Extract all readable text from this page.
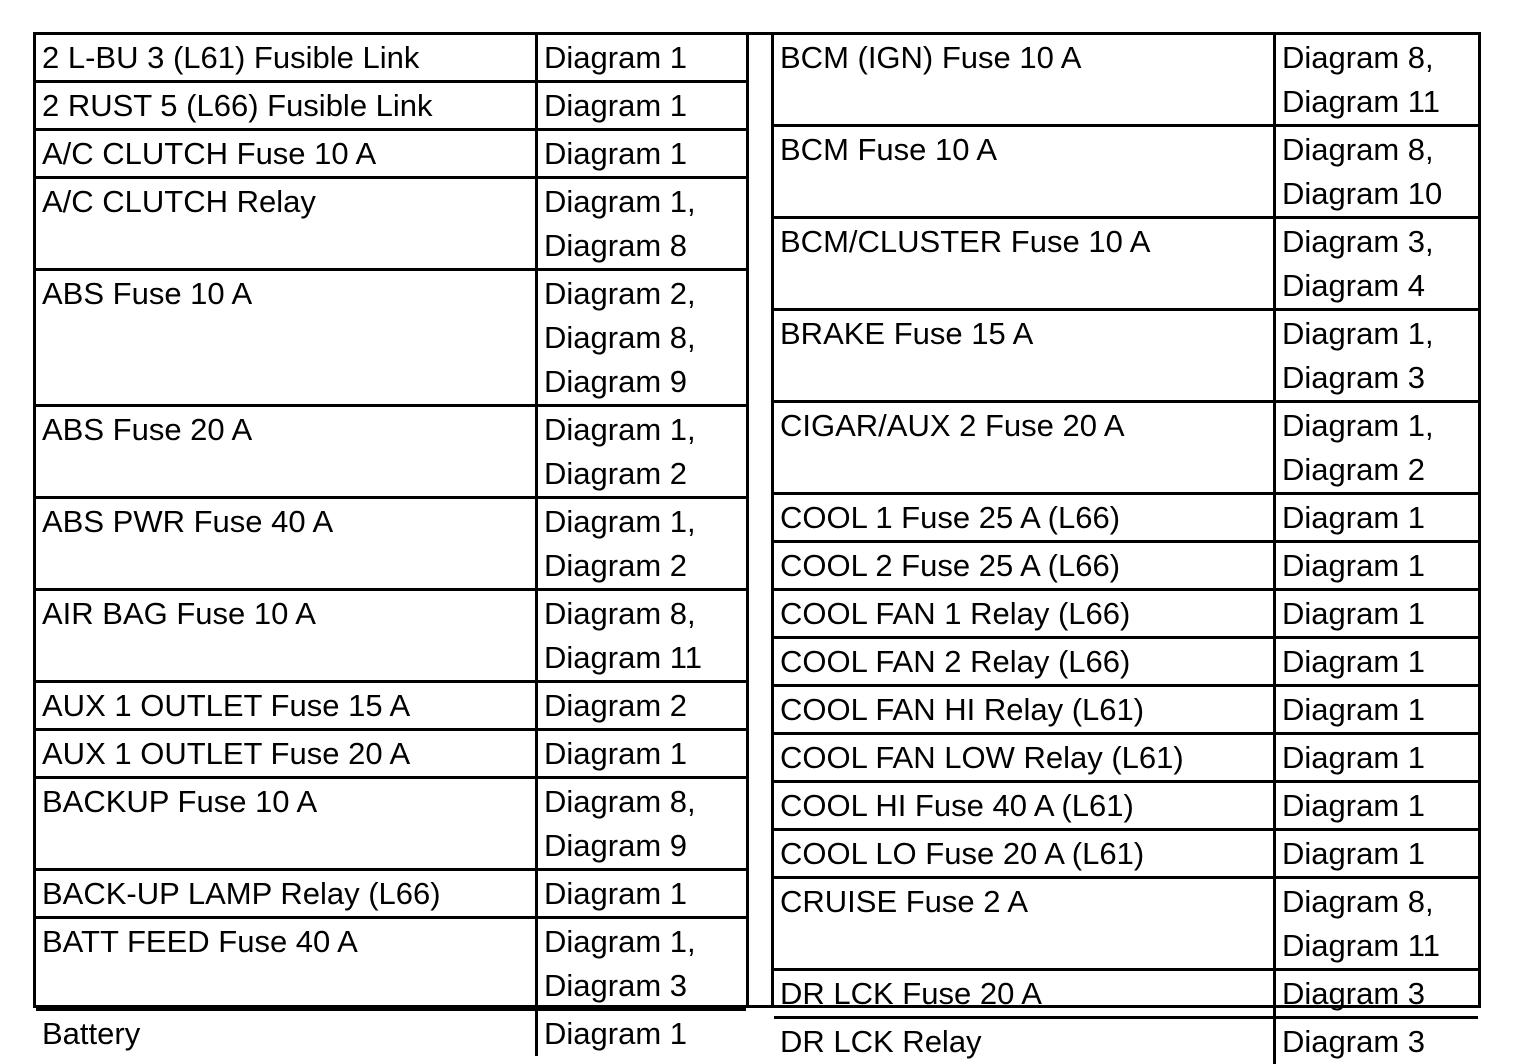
2 L-BU 3 (L61) Fusible Link	Diagram 1
2 RUST 5 (L66) Fusible Link	Diagram 1
A/C CLUTCH Fuse 10 A	Diagram 1
A/C CLUTCH Relay	Diagram 1,
Diagram 8
ABS Fuse 10 A	Diagram 2,
Diagram 8,
Diagram 9
ABS Fuse 20 A	Diagram 1,
Diagram 2
ABS PWR Fuse 40 A	Diagram 1,
Diagram 2
AIR BAG Fuse 10 A	Diagram 8,
Diagram 11
AUX 1 OUTLET Fuse 15 A	Diagram 2
AUX 1 OUTLET Fuse 20 A	Diagram 1
BACKUP Fuse 10 A	Diagram 8,
Diagram 9
BACK-UP LAMP Relay (L66)	Diagram 1
BATT FEED Fuse 40 A	Diagram 1,
Diagram 3
Battery	Diagram 1
BCM (IGN) Fuse 10 A	Diagram 8,
Diagram 11
BCM Fuse 10 A	Diagram 8,
Diagram 10
BCM/CLUSTER Fuse 10 A	Diagram 3,
Diagram 4
BRAKE Fuse 15 A	Diagram 1,
Diagram 3
CIGAR/AUX 2 Fuse 20 A	Diagram 1,
Diagram 2
COOL 1 Fuse 25 A (L66)	Diagram 1
COOL 2 Fuse 25 A (L66)	Diagram 1
COOL FAN 1 Relay (L66)	Diagram 1
COOL FAN 2 Relay (L66)	Diagram 1
COOL FAN HI Relay (L61)	Diagram 1
COOL FAN LOW Relay (L61)	Diagram 1
COOL HI Fuse 40 A (L61)	Diagram 1
COOL LO Fuse 20 A (L61)	Diagram 1
CRUISE Fuse 2 A	Diagram 8,
Diagram 11
DR LCK Fuse 20 A	Diagram 3
DR LCK Relay	Diagram 3
